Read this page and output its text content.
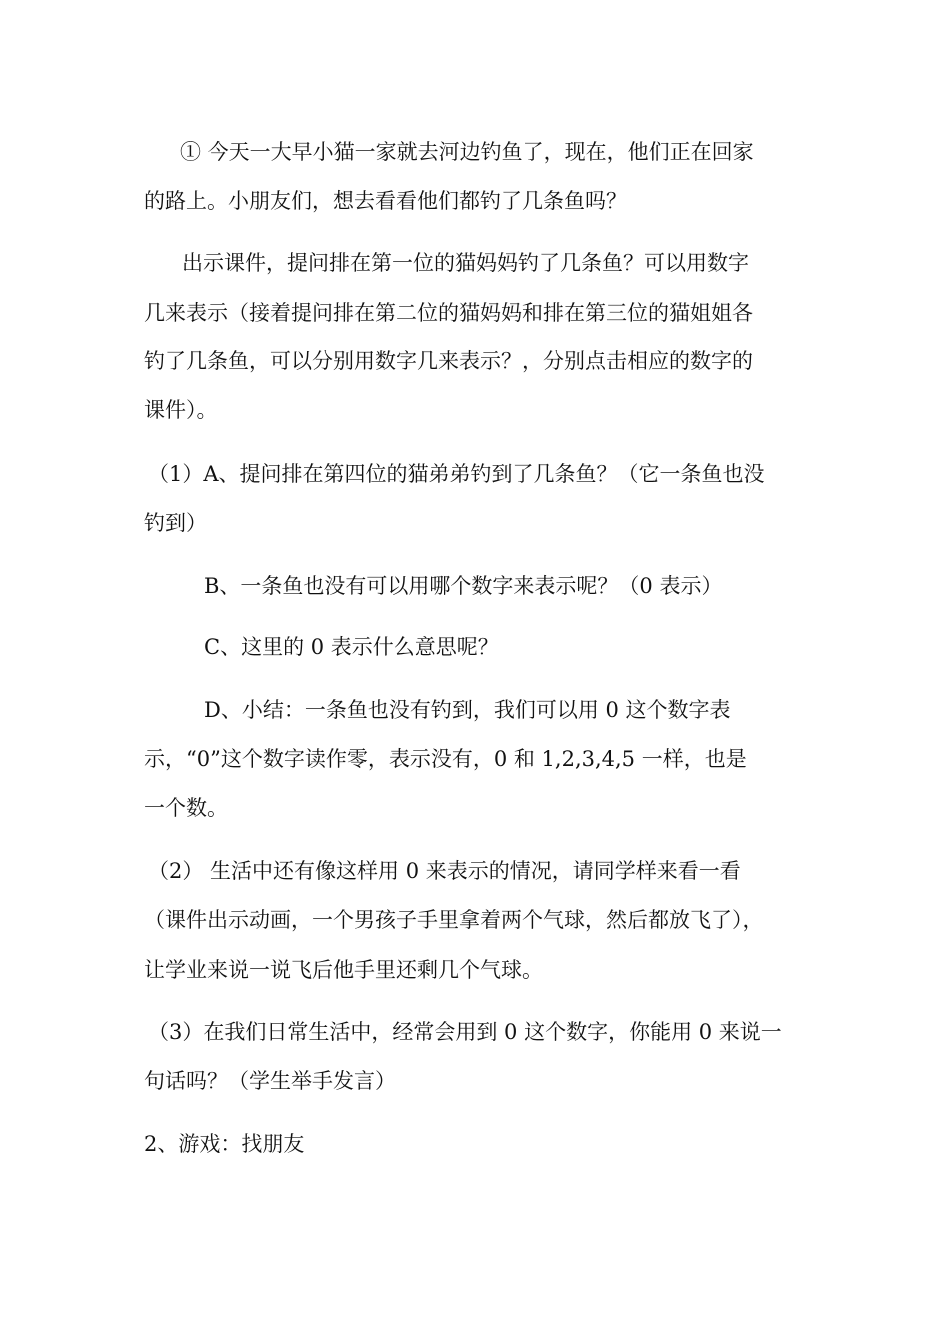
① 今天一大早小猫一家就去河边钓鱼了，现在，他们正在回家
的路上。小朋友们，想去看看他们都钓了几条鱼吗？
出示课件，提问排在第一位的猫妈妈钓了几条鱼？可以用数字
几来表示（接着提问排在第二位的猫妈妈和排在第三位的猫姐姐各
钓了几条鱼，可以分别用数字几来表示？，分别点击相应的数字的
课件）。
（1）A、提问排在第四位的猫弟弟钓到了几条鱼？（它一条鱼也没
钓到）
B、一条鱼也没有可以用哪个数字来表示呢？（0 表示）
C、这里的 0 表示什么意思呢？
D、小结：一条鱼也没有钓到，我们可以用 0 这个数字表
示，“0”这个数字读作零，表示没有，0 和 1,2,3,4,5 一样，也是
一个数。
（2） 生活中还有像这样用 0 来表示的情况，请同学样来看一看
（课件出示动画，一个男孩子手里拿着两个气球，然后都放飞了），
让学业来说一说飞后他手里还剩几个气球。
（3）在我们日常生活中，经常会用到 0 这个数字，你能用 0 来说一
句话吗？（学生举手发言）
2、游戏：找朋友
